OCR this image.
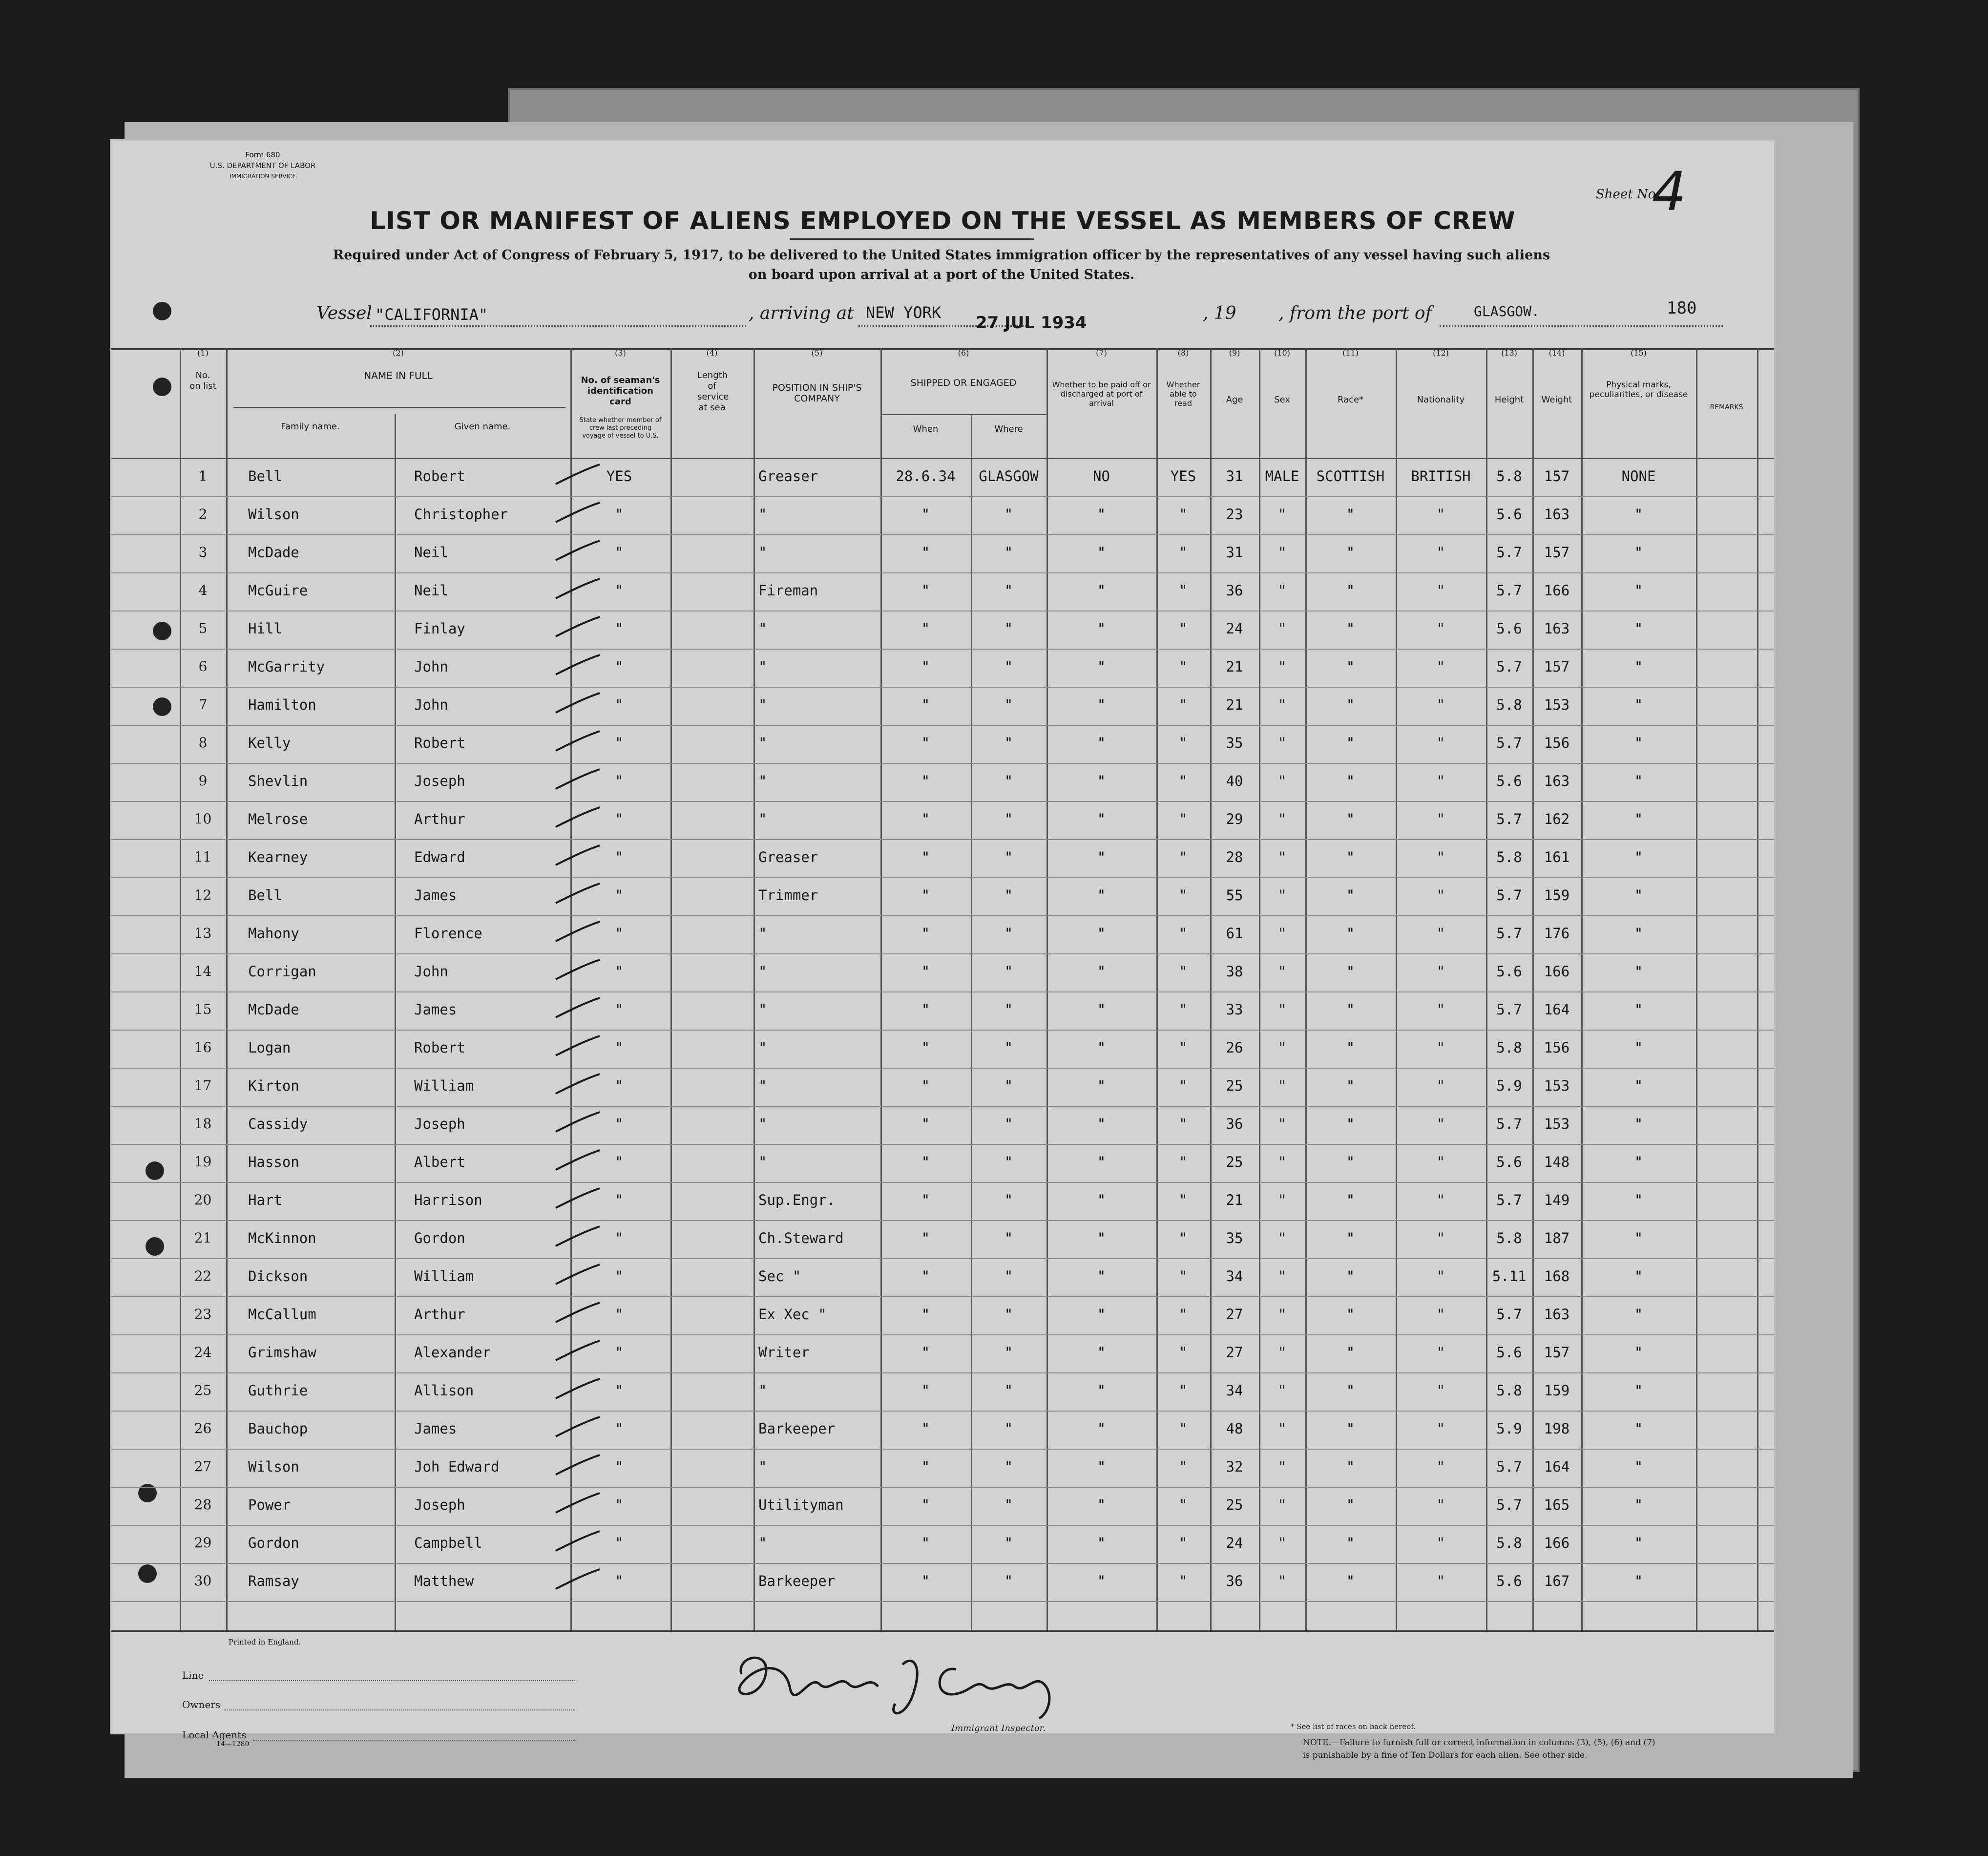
Form 680
U.S. DEPARTMENT OF LABOR
IMMIGRATION SERVICE
Sheet No.
4
LIST OR MANIFEST OF ALIENS EMPLOYED ON THE VESSEL AS MEMBERS OF CREW
Required under Act of Congress of February 5, 1917, to be delivered to the United States immigration officer by the representatives of any vessel having such aliens
on board upon arrival at a port of the United States.
Vessel "CALIFORNIA"	, arriving at NEW YORK
27 JUL 1934	, 19 , from the port of	GLASGOW.	180
(1)
No. on list
(2)
NAME IN FULL
Family name.	Given name.
(3)
No. of seaman's identification card
State whether member of crew last preceding voyage of vessel to U.S.
(4)
Length of service at sea
(5)
POSITION IN SHIP'S COMPANY
(6)
SHIPPED OR ENGAGED
When	Where
(7)
Whether to be paid off or discharged at port of arrival
(8)
Whether able to read
(9)
Age
(10)
Sex
(11)
Race*
(12)
Nationality
(13)
Height
(14)
Weight
(15)
Physical marks, peculiarities, or disease
REMARKS
1	Bell	Robert	YES	Greaser	28.6.34	GLASGOW	NO	YES	31	MALE	SCOTTISH	BRITISH	5.8	157	NONE
2	Wilson	Christopher	"	"	"	"	"	"	23	"	"	"	5.6	163	"
3	McDade	Neil	"	"	"	"	"	"	31	"	"	"	5.7	157	"
4	McGuire	Neil	"	Fireman	"	"	"	"	36	"	"	"	5.7	166	"
5	Hill	Finlay	"	"	"	"	"	"	24	"	"	"	5.6	163	"
6	McGarrity	John	"	"	"	"	"	"	21	"	"	"	5.7	157	"
7	Hamilton	John	"	"	"	"	"	"	21	"	"	"	5.8	153	"
8	Kelly	Robert	"	"	"	"	"	"	35	"	"	"	5.7	156	"
9	Shevlin	Joseph	"	"	"	"	"	"	40	"	"	"	5.6	163	"
10	Melrose	Arthur	"	"	"	"	"	"	29	"	"	"	5.7	162	"
11	Kearney	Edward	"	Greaser	"	"	"	"	28	"	"	"	5.8	161	"
12	Bell	James	"	Trimmer	"	"	"	"	55	"	"	"	5.7	159	"
13	Mahony	Florence	"	"	"	"	"	"	61	"	"	"	5.7	176	"
14	Corrigan	John	"	"	"	"	"	"	38	"	"	"	5.6	166	"
15	McDade	James	"	"	"	"	"	"	33	"	"	"	5.7	164	"
16	Logan	Robert	"	"	"	"	"	"	26	"	"	"	5.8	156	"
17	Kirton	William	"	"	"	"	"	"	25	"	"	"	5.9	153	"
18	Cassidy	Joseph	"	"	"	"	"	"	36	"	"	"	5.7	153	"
19	Hasson	Albert	"	"	"	"	"	"	25	"	"	"	5.6	148	"
20	Hart	Harrison	"	Sup.Engr.	"	"	"	"	21	"	"	"	5.7	149	"
21	McKinnon	Gordon	"	Ch.Steward	"	"	"	"	35	"	"	"	5.8	187	"
22	Dickson	William	"	Sec "	"	"	"	"	34	"	"	"	5.11	168	"
23	McCallum	Arthur	"	Ex Xec "	"	"	"	"	27	"	"	"	5.7	163	"
24	Grimshaw	Alexander	"	Writer	"	"	"	"	27	"	"	"	5.6	157	"
25	Guthrie	Allison	"	"	"	"	"	"	34	"	"	"	5.8	159	"
26	Bauchop	James	"	Barkeeper	"	"	"	"	48	"	"	"	5.9	198	"
27	Wilson	Joh Edward	"	"	"	"	"	"	32	"	"	"	5.7	164	"
28	Power	Joseph	"	Utilityman	"	"	"	"	25	"	"	"	5.7	165	"
29	Gordon	Campbell	"	"	"	"	"	"	24	"	"	"	5.8	166	"
30	Ramsay	Matthew	"	Barkeeper	"	"	"	"	36	"	"	"	5.6	167	"
Printed in England.
Line
Owners
Local Agents
14—1280
Immigrant Inspector.	* See list of races on back hereof.
NOTE.—Failure to furnish full or correct information in columns (3), (5), (6) and (7)
is punishable by a fine of Ten Dollars for each alien. See other side.
